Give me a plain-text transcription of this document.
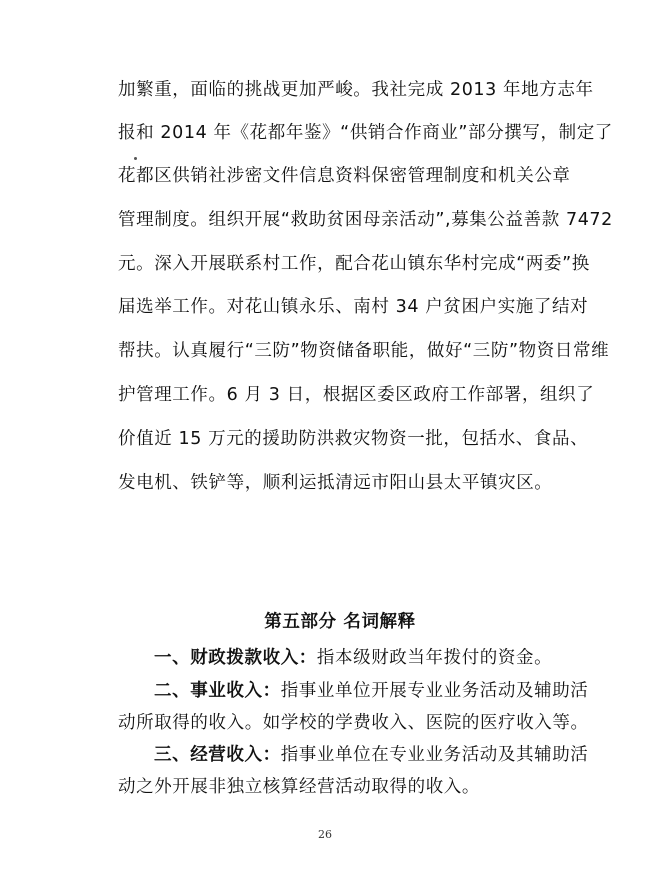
加繁重，面临的挑战更加严峻。我社完成 2013 年地方志年
报和 2014 年《花都年鉴》“供销合作商业”部分撰写，制定了
花都区供销社涉密文件信息资料保密管理制度和机关公章
管理制度。组织开展“救助贫困母亲活动”,募集公益善款 7472
元。深入开展联系村工作，配合花山镇东华村完成“两委”换
届选举工作。对花山镇永乐、南村 34 户贫困户实施了结对
帮扶。认真履行“三防”物资储备职能，做好“三防”物资日常维
护管理工作。6 月 3 日，根据区委区政府工作部署，组织了
价值近 15 万元的援助防洪救灾物资一批，包括水、食品、
发电机、铁铲等，顺利运抵清远市阳山县太平镇灾区。
第五部分 名词解释
一、财政拨款收入：指本级财政当年拨付的资金。
二、事业收入：指事业单位开展专业业务活动及辅助活
动所取得的收入。如学校的学费收入、医院的医疗收入等。
三、经营收入：指事业单位在专业业务活动及其辅助活
动之外开展非独立核算经营活动取得的收入。
26
